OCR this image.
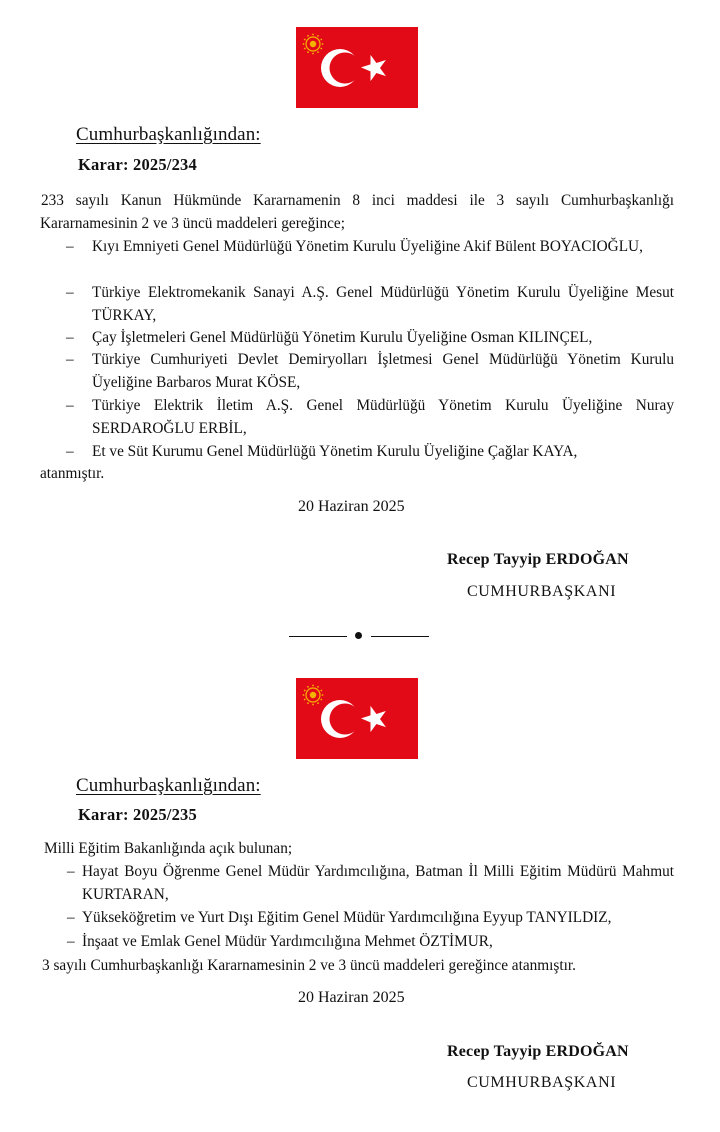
Cumhurbaşkanlığından:
Karar: 2025/234
233 sayılı Kanun Hükmünde Kararnamenin 8 inci maddesi ile 3 sayılı Cumhurbaşkanlığı Kararnamesinin 2 ve 3 üncü maddeleri gereğince;
– Kıyı Emniyeti Genel Müdürlüğü Yönetim Kurulu Üyeliğine Akif Bülent BOYACIOĞLU,
– Türkiye Elektromekanik Sanayi A.Ş. Genel Müdürlüğü Yönetim Kurulu Üyeliğine Mesut TÜRKAY,
– Çay İşletmeleri Genel Müdürlüğü Yönetim Kurulu Üyeliğine Osman KILINÇEL,
– Türkiye Cumhuriyeti Devlet Demiryolları İşletmesi Genel Müdürlüğü Yönetim Kurulu Üyeliğine Barbaros Murat KÖSE,
– Türkiye Elektrik İletim A.Ş. Genel Müdürlüğü Yönetim Kurulu Üyeliğine Nuray SERDAROĞLU ERBİL,
– Et ve Süt Kurumu Genel Müdürlüğü Yönetim Kurulu Üyeliğine Çağlar KAYA,
atanmıştır.
20 Haziran 2025
Recep Tayyip ERDOĞAN
CUMHURBAŞKANI
Cumhurbaşkanlığından:
Karar: 2025/235
Milli Eğitim Bakanlığında açık bulunan;
– Hayat Boyu Öğrenme Genel Müdür Yardımcılığına, Batman İl Milli Eğitim Müdürü Mahmut KURTARAN,
– Yükseköğretim ve Yurt Dışı Eğitim Genel Müdür Yardımcılığına Eyyup TANYILDIZ,
– İnşaat ve Emlak Genel Müdür Yardımcılığına Mehmet ÖZTİMUR,
3 sayılı Cumhurbaşkanlığı Kararnamesinin 2 ve 3 üncü maddeleri gereğince atanmıştır.
20 Haziran 2025
Recep Tayyip ERDOĞAN
CUMHURBAŞKANI
